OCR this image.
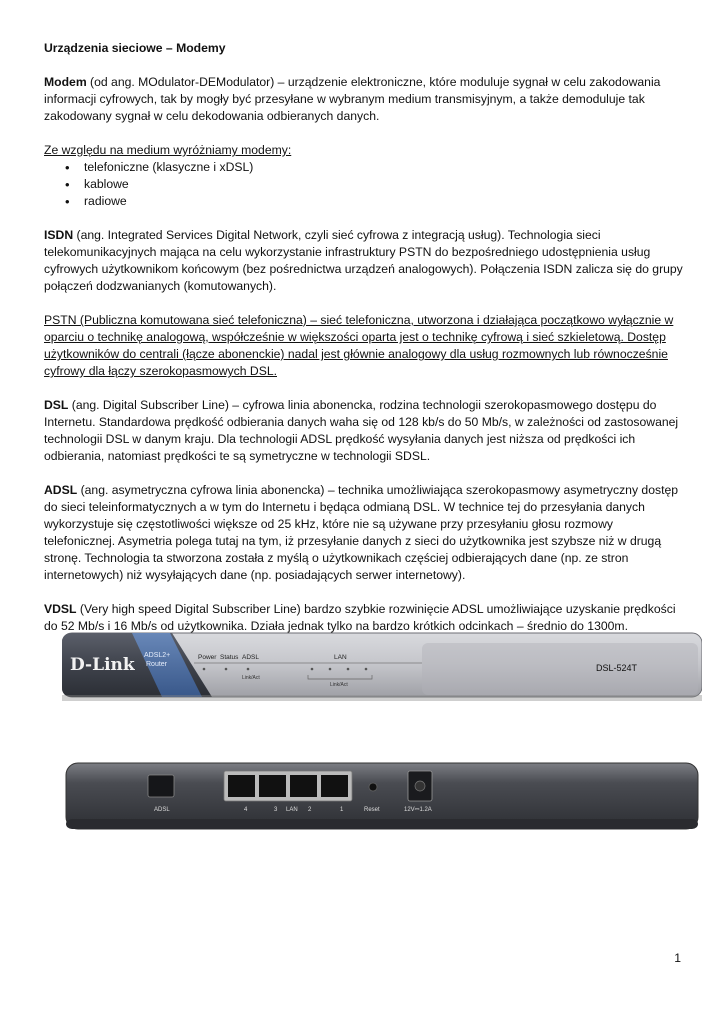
Urządzenia sieciowe – Modemy

Modem (od ang. MOdulator-DEModulator) – urządzenie elektroniczne, które moduluje sygnał w celu zakodowania informacji cyfrowych, tak by mogły być przesyłane w wybranym medium transmisyjnym, a także demoduluje tak zakodowany sygnał w celu dekodowania odbieranych danych.

Ze względu na medium wyróżniamy modemy:
• telefoniczne (klasyczne i xDSL)
• kablowe
• radiowe

ISDN (ang. Integrated Services Digital Network, czyli sieć cyfrowa z integracją usług). Technologia sieci telekomunikacyjnych mająca na celu wykorzystanie infrastruktury PSTN do bezpośredniego udostępnienia usług cyfrowych użytkownikom końcowym (bez pośrednictwa urządzeń analogowych). Połączenia ISDN zalicza się do grupy połączeń dodzwanianych (komutowanych).

PSTN (Publiczna komutowana sieć telefoniczna) – sieć telefoniczna, utworzona i działająca początkowo wyłącznie w oparciu o technikę analogową, współcześnie w większości oparta jest o technikę cyfrową i sieć szkieletową. Dostęp użytkowników do centrali (łącze abonenckie) nadal jest głównie analogowy dla usług rozmownych lub równocześnie cyfrowy dla łączy szerokopasmowych DSL.

DSL (ang. Digital Subscriber Line) – cyfrowa linia abonencka, rodzina technologii szerokopasmowego dostępu do Internetu. Standardowa prędkość odbierania danych waha się od 128 kb/s do 50 Mb/s, w zależności od zastosowanej technologii DSL w danym kraju. Dla technologii ADSL prędkość wysyłania danych jest niższa od prędkości ich odbierania, natomiast prędkości te są symetryczne w technologii SDSL.

ADSL (ang. asymetryczna cyfrowa linia abonencka) – technika umożliwiająca szerokopasmowy asymetryczny dostęp do sieci teleinformatycznych a w tym do Internetu i będąca odmianą DSL. W technice tej do przesyłania danych wykorzystuje się częstotliwości większe od 25 kHz, które nie są używane przy przesyłaniu głosu rozmowy telefonicznej. Asymetria polega tutaj na tym, iż przesyłanie danych z sieci do użytkownika jest szybsze niż w drugą stronę. Technologia ta stworzona została z myślą o użytkownikach częściej odbierających dane (np. ze stron internetowych) niż wysyłających dane (np. posiadających serwer internetowy).

VDSL (Very high speed Digital Subscriber Line) bardzo szybkie rozwinięcie ADSL umożliwiające uzyskanie prędkości do 52 Mb/s i 16 Mb/s od użytkownika. Działa jednak tylko na bardzo krótkich odcinkach – średnio do 1300m.

D-Link ADSL2+
Router
Power Status ADSL
Link/Act
LAN
Link/Act
DSL-524T
ADSL	4	3 LAN 2	1	Reset	12V⎓1.2A
1
